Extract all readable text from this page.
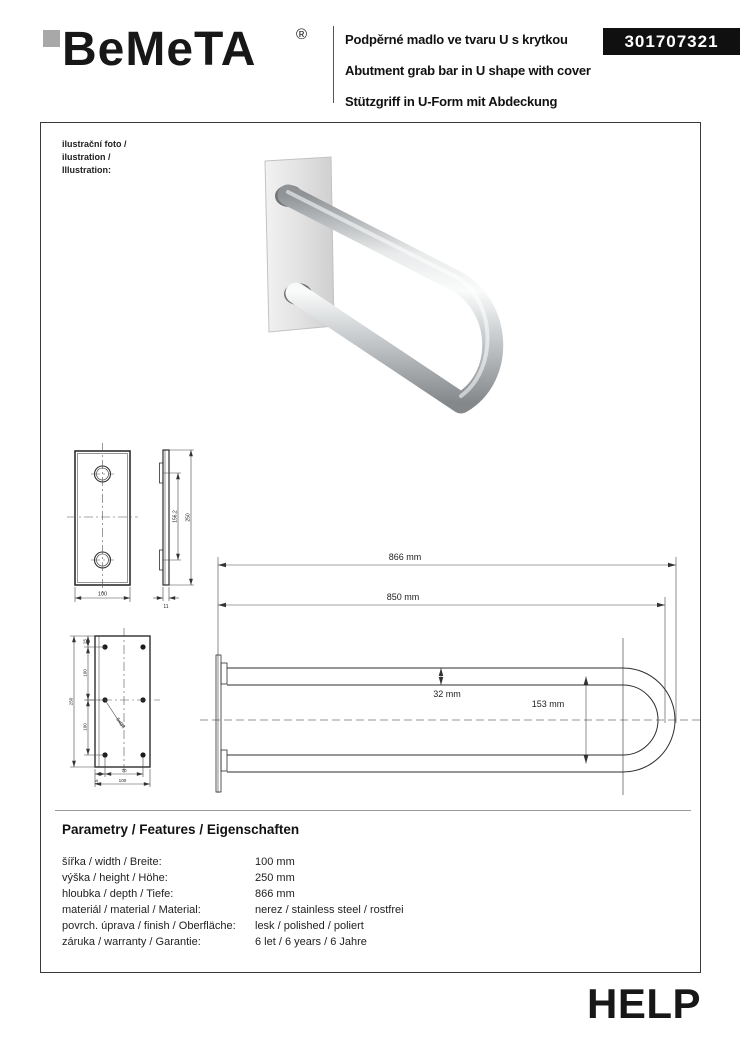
BeMeTA	®	Podpěrné madlo ve tvaru U s krytkou
Abutment grab bar in U shape with cover
Stützgriff in U-Form mit Abdeckung
301707321
ilustrační foto /
ilustration /
Illustration:
100
156,2 250
11
6xØ8
25
100
100
250
15
70
100
866 mm
850 mm
32 mm
153 mm
Parametry / Features / Eigenschaften
šířka / width / Breite:	100 mm
výška / height / Höhe:	250 mm
hloubka / depth / Tiefe:	866 mm
materiál / material / Material:	nerez / stainless steel / rostfrei
povrch. úprava / finish / Oberfläche:	lesk / polished / poliert
záruka / warranty / Garantie:	6 let / 6 years / 6 Jahre
HELP
